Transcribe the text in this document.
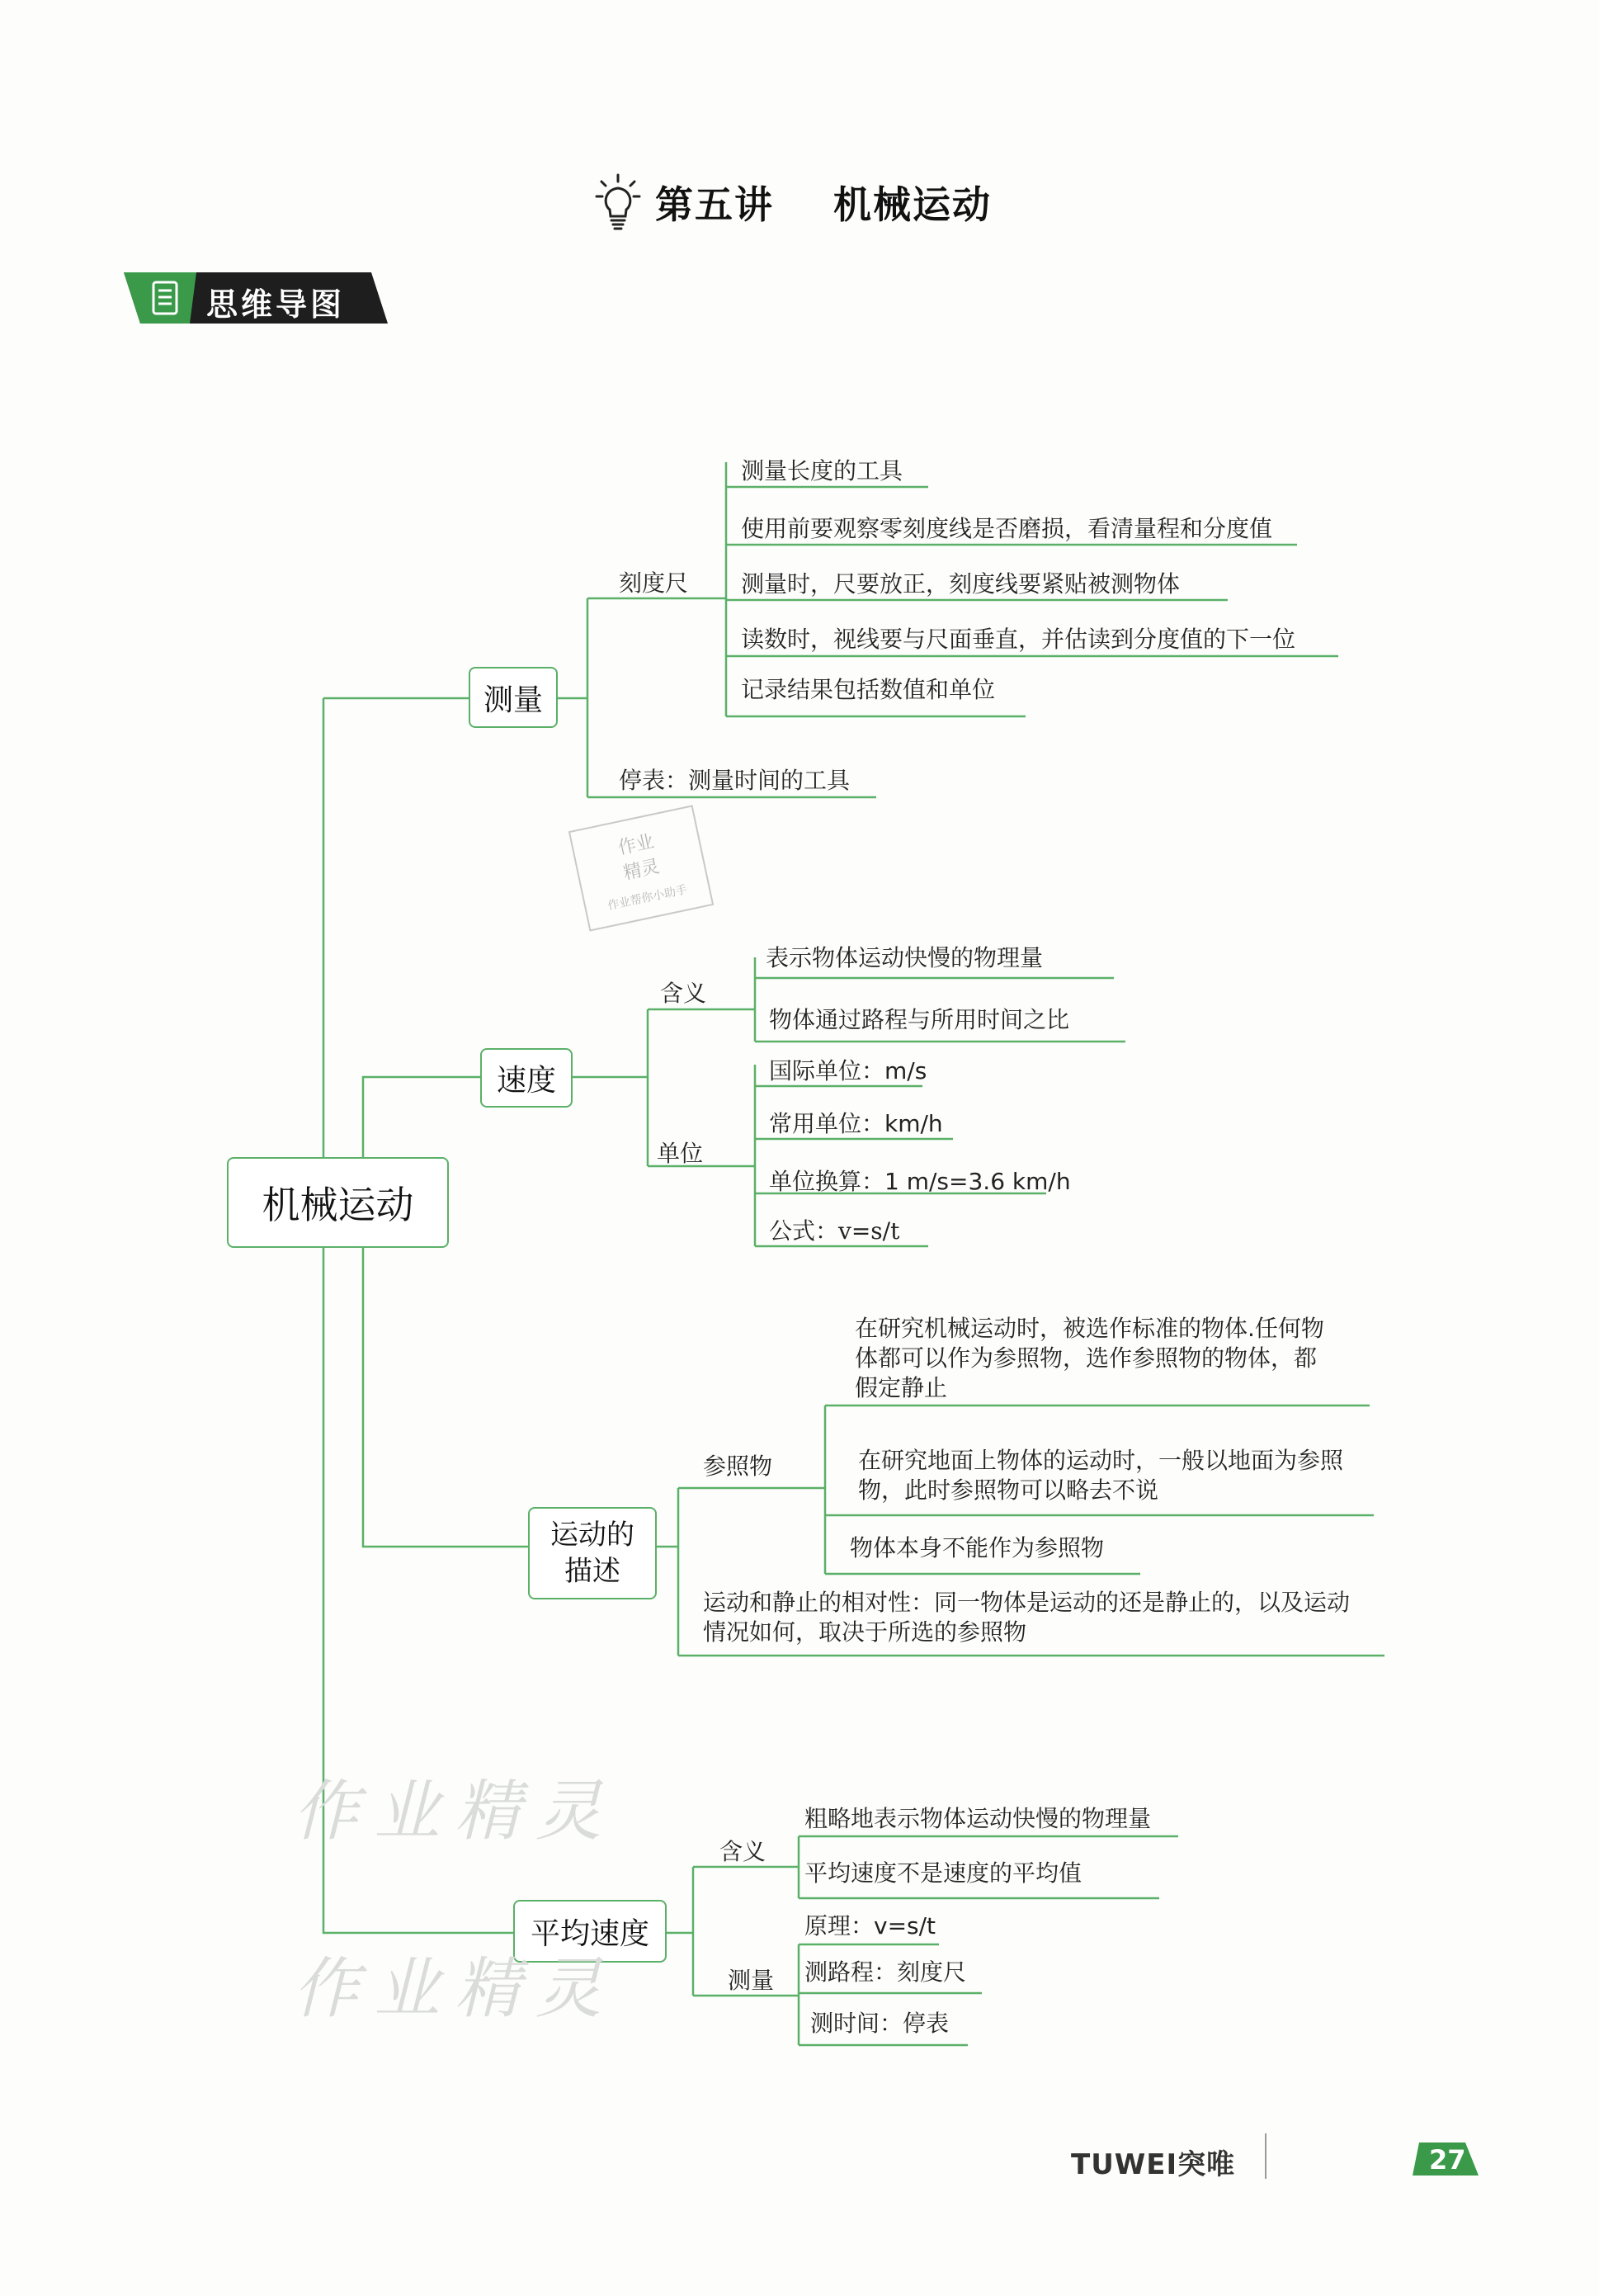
第五讲    机械运动
思维导图
机械运动
测量
刻度尺
测量长度的工具
使用前要观察零刻度线是否磨损，看清量程和分度值
测量时，尺要放正，刻度线要紧贴被测物体
读数时，视线要与尺面垂直，并估读到分度值的下一位
记录结果包括数值和单位
停表：测量时间的工具
速度
含义
单位
表示物体运动快慢的物理量
物体通过路程与所用时间之比
国际单位：m/s
常用单位：km/h
单位换算：1 m/s=3.6 km/h
公式：v=s/t
运动的
描述
参照物
在研究机械运动时，被选作标准的物体.任何物体都可以作为参照物，选作参照物的物体，都假定静止
在研究地面上物体的运动时，一般以地面为参照物，此时参照物可以略去不说
物体本身不能作为参照物
运动和静止的相对性：同一物体是运动的还是静止的，以及运动情况如何，取决于所选的参照物
平均速度
含义
测量
粗略地表示物体运动快慢的物理量
平均速度不是速度的平均值
原理：v=s/t
测路程：刻度尺
测时间：停表
作业
精灵
作业帮你小助手
作业精灵
作业精灵
TUWEI突唯	27
